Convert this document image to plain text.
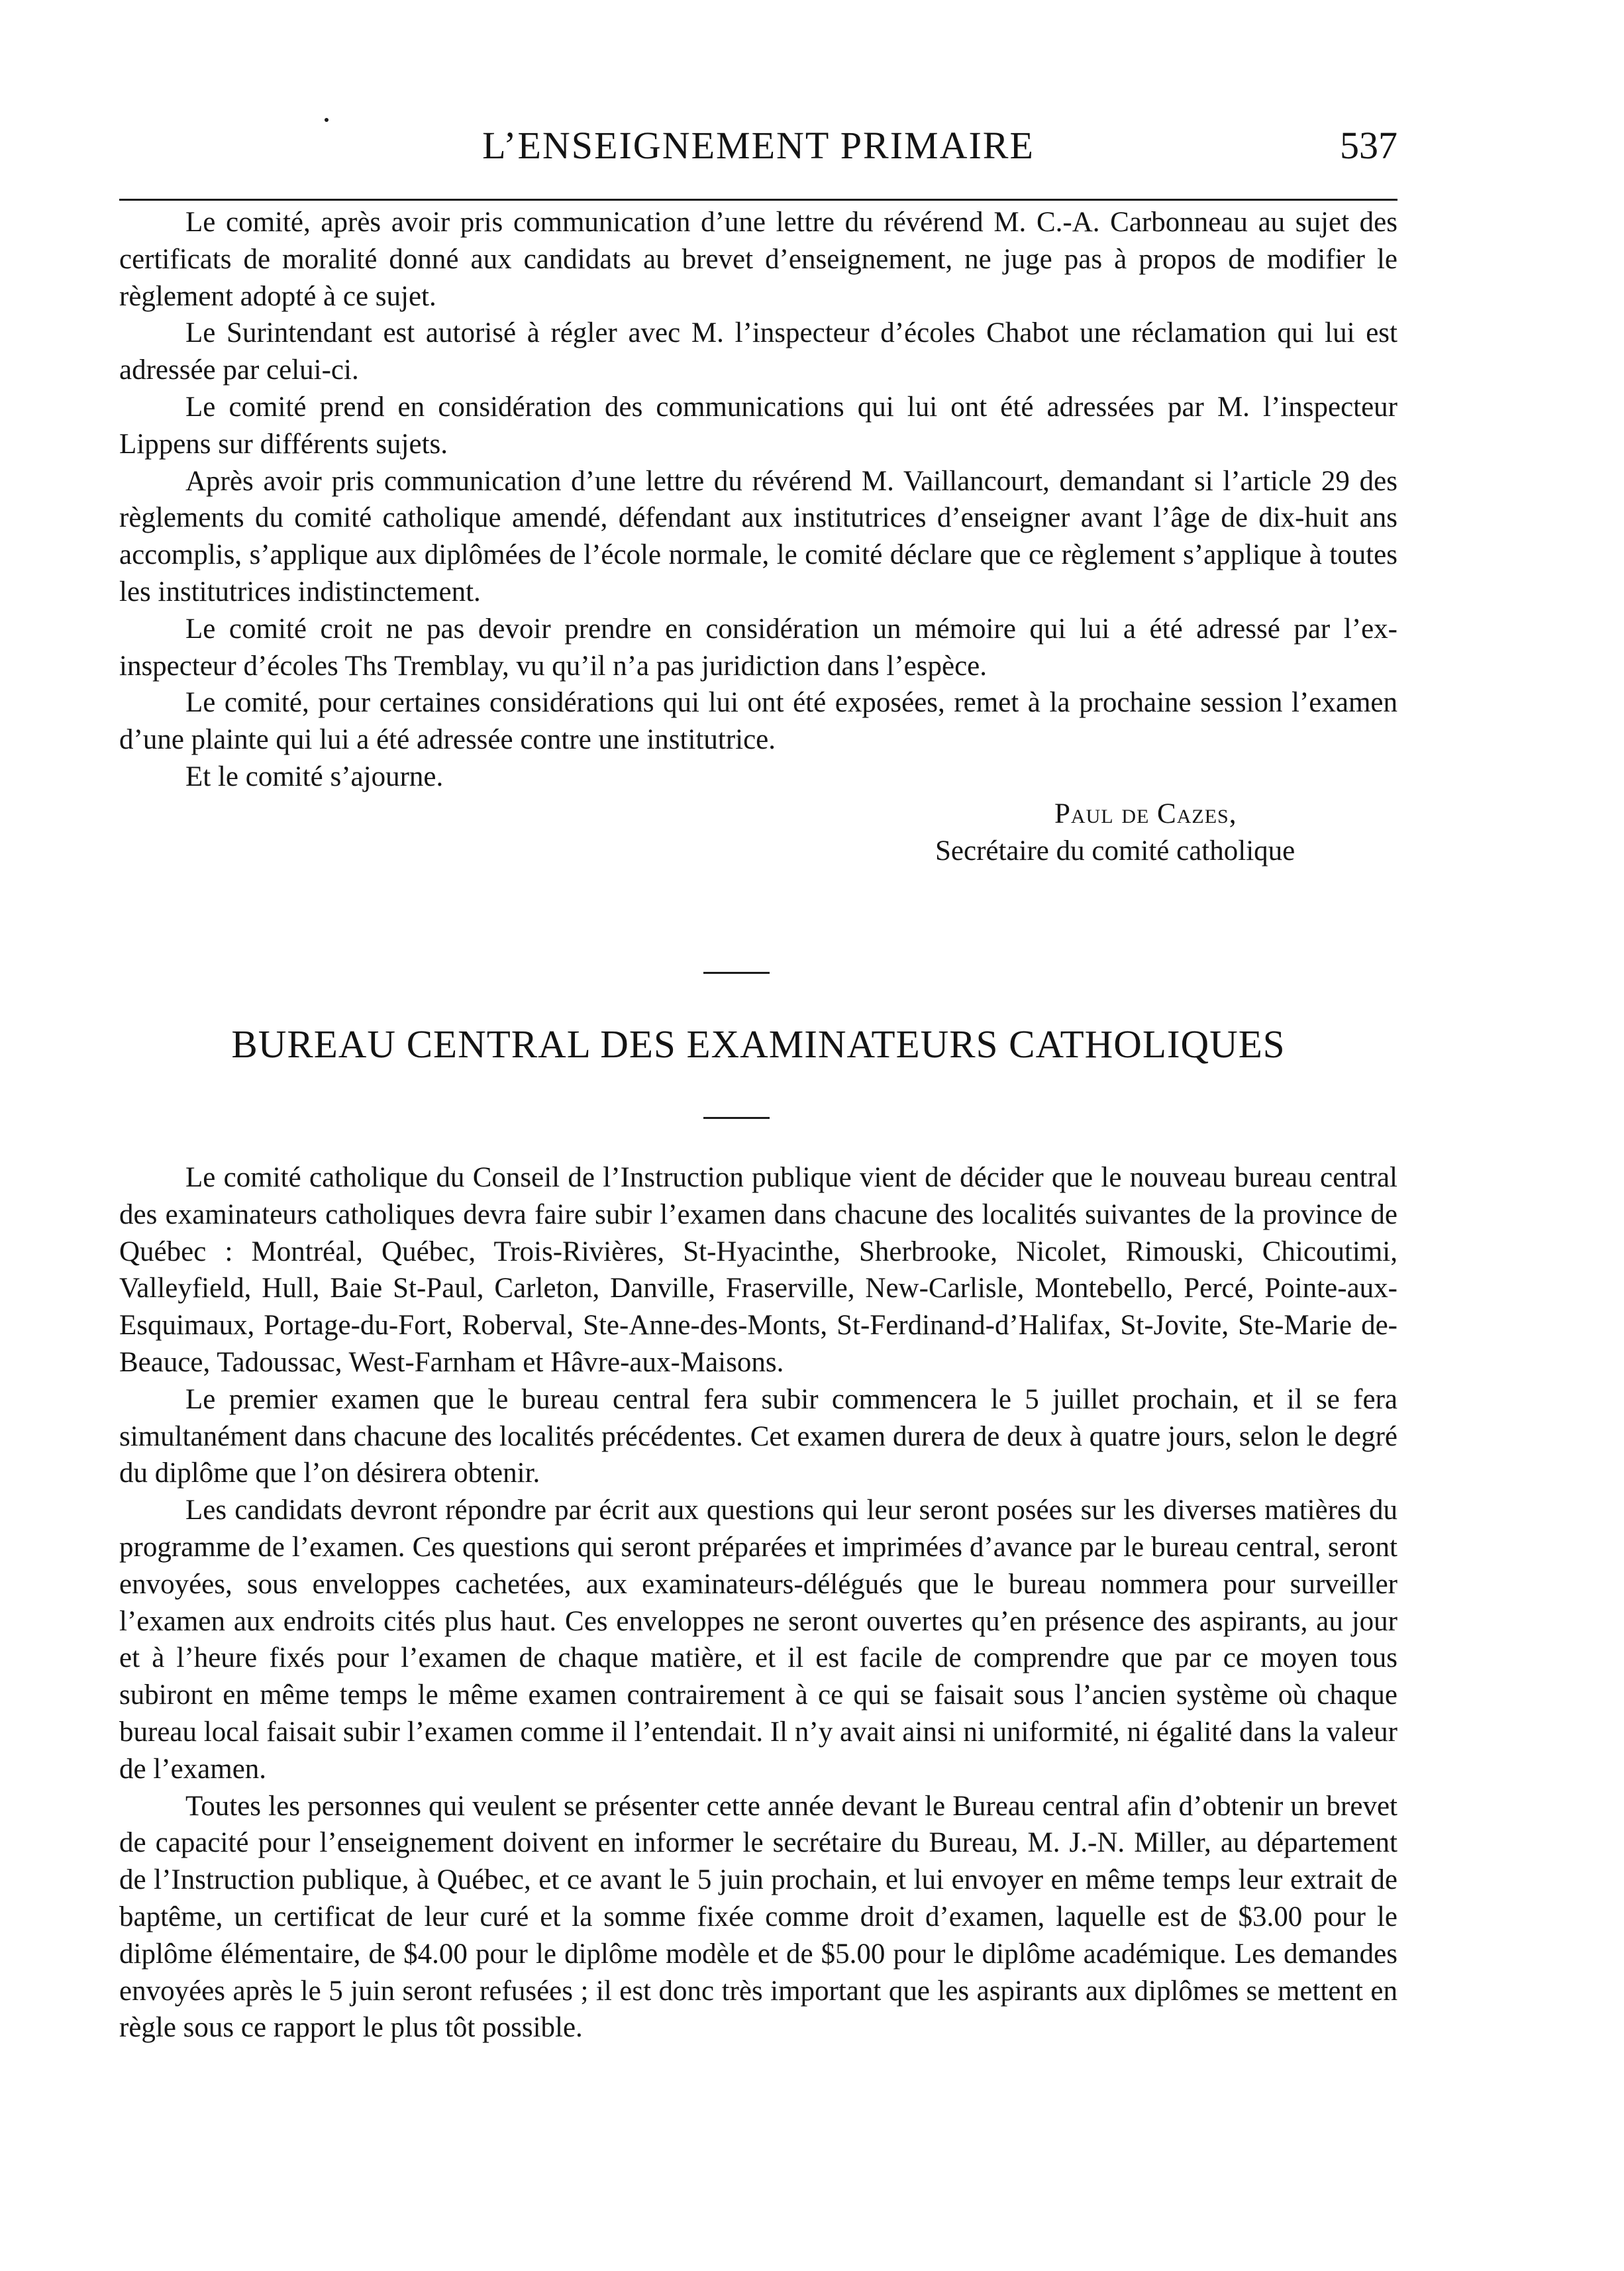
L’ENSEIGNEMENT PRIMAIRE	537

Le comité, après avoir pris communication d’une lettre du révérend M. C.-A. Carbonneau au sujet des certificats de moralité donné aux candidats au brevet d’enseignement, ne juge pas à propos de modifier le règlement adopté à ce sujet.

Le Surintendant est autorisé à régler avec M. l’inspecteur d’écoles Chabot une réclamation qui lui est adressée par celui-ci.

Le comité prend en considération des communications qui lui ont été adressées par M. l’inspecteur Lippens sur différents sujets.

Après avoir pris communication d’une lettre du révérend M. Vaillancourt, demandant si l’article 29 des règlements du comité catholique amendé, défendant aux institutrices d’enseigner avant l’âge de dix-huit ans accomplis, s’applique aux diplômées de l’école normale, le comité déclare que ce règlement s’applique à toutes les institutrices indistinctement.

Le comité croit ne pas devoir prendre en considération un mémoire qui lui a été adressé par l’ex-inspecteur d’écoles Ths Tremblay, vu qu’il n’a pas juridiction dans l’espèce.

Le comité, pour certaines considérations qui lui ont été exposées, remet à la prochaine session l’examen d’une plainte qui lui a été adressée contre une institutrice.

Et le comité s’ajourne.

Paul de Cazes,

Secrétaire du comité catholique

BUREAU CENTRAL DES EXAMINATEURS CATHOLIQUES

Le comité catholique du Conseil de l’Instruction publique vient de décider que le nouveau bureau central des examinateurs catholiques devra faire subir l’examen dans chacune des localités suivantes de la province de Québec : Montréal, Québec, Trois-Rivières, St-Hyacinthe, Sherbrooke, Nicolet, Rimouski, Chicoutimi, Valleyfield, Hull, Baie St-Paul, Carleton, Danville, Fraserville, New-Carlisle, Montebello, Percé, Pointe-aux-Esquimaux, Portage-du-Fort, Roberval, Ste-Anne-des-Monts, St-Ferdinand-d’Halifax, St-Jovite, Ste-Marie de-Beauce, Tadoussac, West-Farnham et Hâvre-aux-Maisons.

Le premier examen que le bureau central fera subir commencera le 5 juillet prochain, et il se fera simultanément dans chacune des localités précédentes. Cet examen durera de deux à quatre jours, selon le degré du diplôme que l’on désirera obtenir.

Les candidats devront répondre par écrit aux questions qui leur seront posées sur les diverses matières du programme de l’examen. Ces questions qui seront préparées et imprimées d’avance par le bureau central, seront envoyées, sous enveloppes cachetées, aux examinateurs-délégués que le bureau nommera pour surveiller l’examen aux endroits cités plus haut. Ces enveloppes ne seront ouvertes qu’en présence des aspirants, au jour et à l’heure fixés pour l’examen de chaque matière, et il est facile de comprendre que par ce moyen tous subiront en même temps le même examen contrairement à ce qui se faisait sous l’ancien système où chaque bureau local faisait subir l’examen comme il l’entendait. Il n’y avait ainsi ni uniformité, ni égalité dans la valeur de l’examen.

Toutes les personnes qui veulent se présenter cette année devant le Bureau central afin d’obtenir un brevet de capacité pour l’enseignement doivent en informer le secrétaire du Bureau, M. J.-N. Miller, au département de l’Instruction publique, à Québec, et ce avant le 5 juin prochain, et lui envoyer en même temps leur extrait de baptême, un certificat de leur curé et la somme fixée comme droit d’examen, laquelle est de $3.00 pour le diplôme élémentaire, de $4.00 pour le diplôme modèle et de $5.00 pour le diplôme académique. Les demandes envoyées après le 5 juin seront refusées ; il est donc très important que les aspirants aux diplômes se mettent en règle sous ce rapport le plus tôt possible.
